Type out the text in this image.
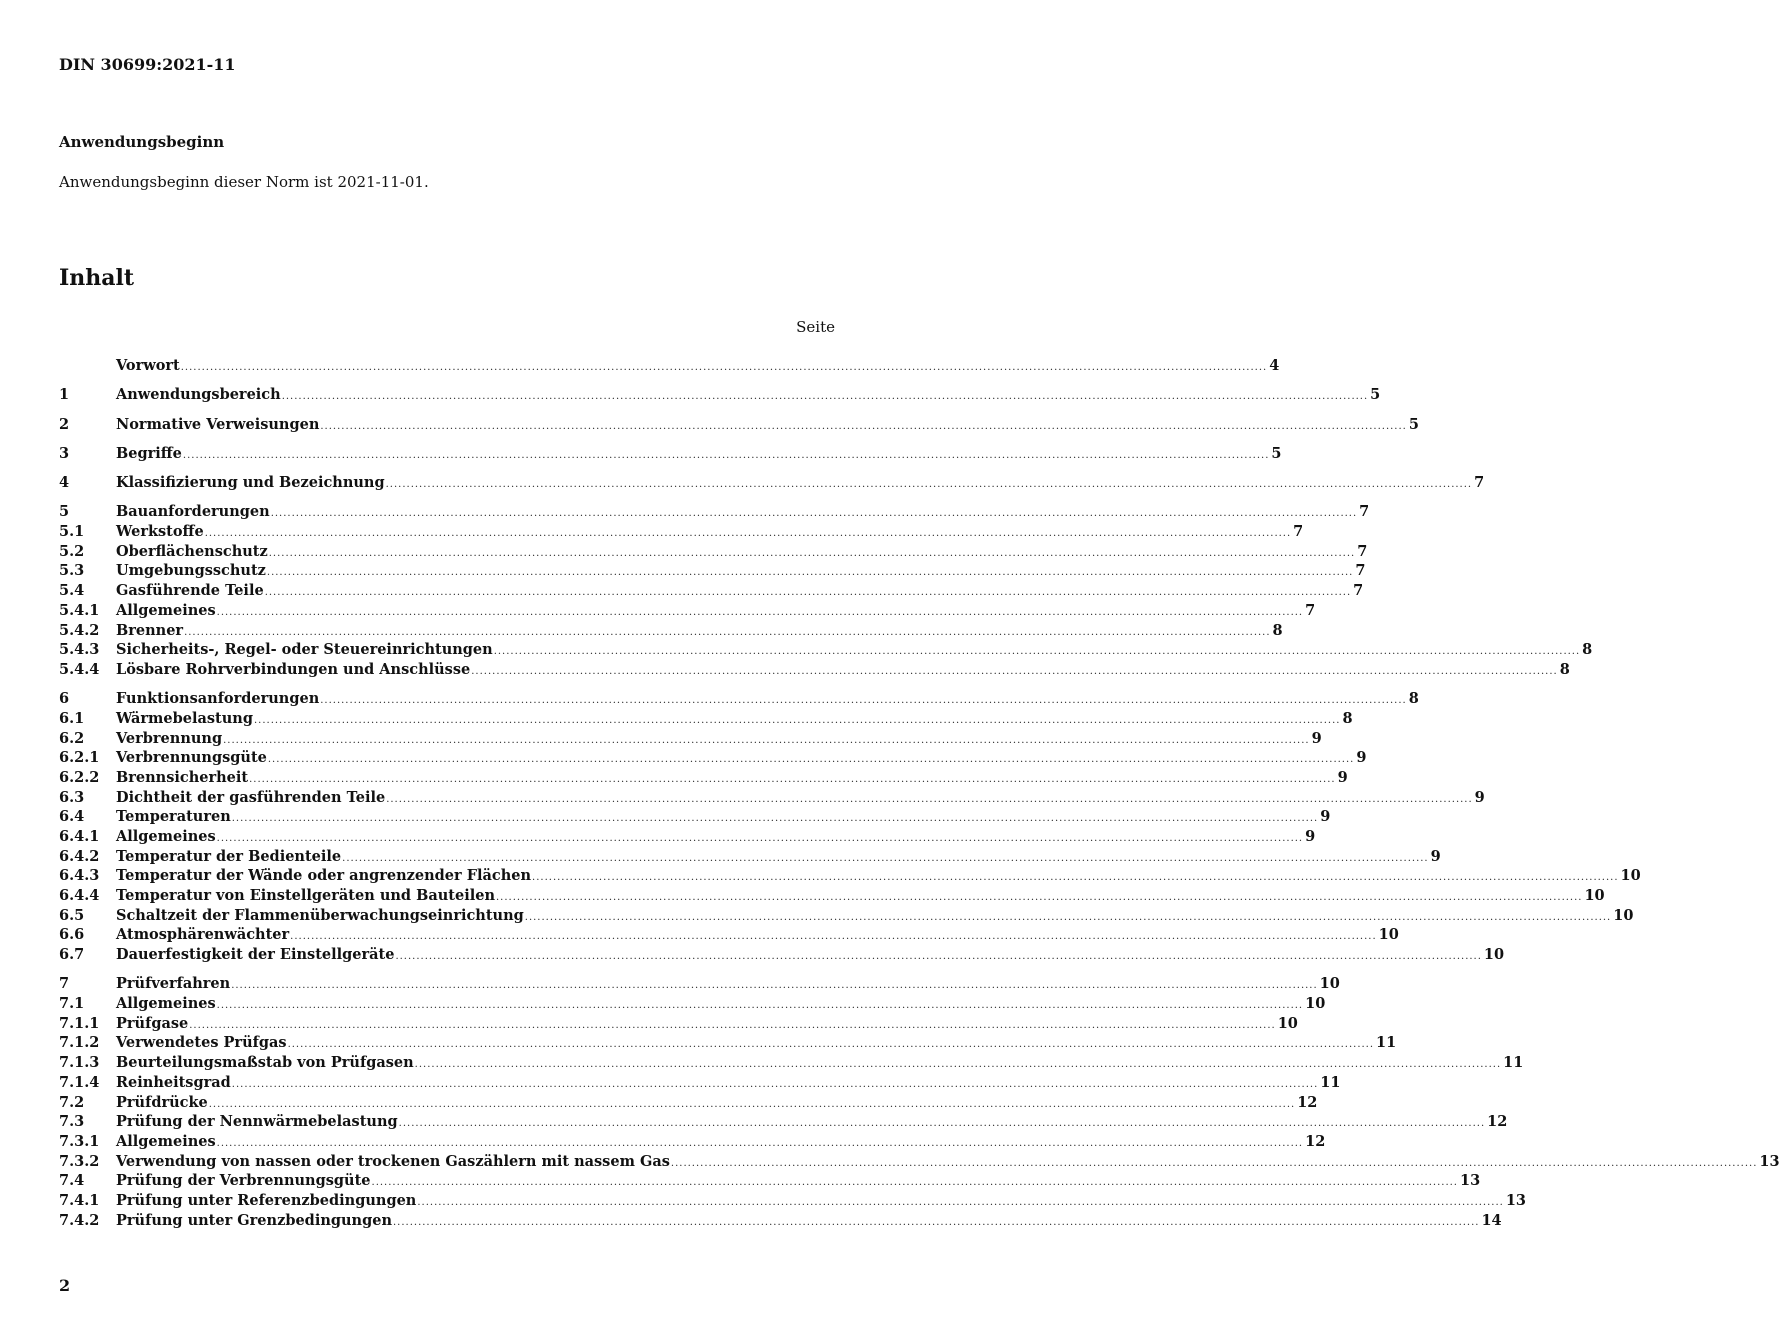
DIN 30699:2021-11
Anwendungsbeginn
Anwendungsbeginn dieser Norm ist 2021-11-01.
Inhalt
Seite
Vorwort .................................................................................................................................................................................................................................................................... 4
1	Anwendungsbereich .................................................................................................................................................................................................................................................................... 5
2	Normative Verweisungen .................................................................................................................................................................................................................................................................... 5
3	Begriffe .................................................................................................................................................................................................................................................................... 5
4	Klassifizierung und Bezeichnung .................................................................................................................................................................................................................................................................... 7
5	Bauanforderungen .................................................................................................................................................................................................................................................................... 7
5.1	Werkstoffe .................................................................................................................................................................................................................................................................... 7
5.2	Oberflächenschutz .................................................................................................................................................................................................................................................................... 7
5.3	Umgebungsschutz .................................................................................................................................................................................................................................................................... 7
5.4	Gasführende Teile .................................................................................................................................................................................................................................................................... 7
5.4.1	Allgemeines .................................................................................................................................................................................................................................................................... 7
5.4.2	Brenner .................................................................................................................................................................................................................................................................... 8
5.4.3	Sicherheits-, Regel- oder Steuereinrichtungen .................................................................................................................................................................................................................................................................... 8
5.4.4	Lösbare Rohrverbindungen und Anschlüsse .................................................................................................................................................................................................................................................................... 8
6	Funktionsanforderungen .................................................................................................................................................................................................................................................................... 8
6.1	Wärmebelastung .................................................................................................................................................................................................................................................................... 8
6.2	Verbrennung .................................................................................................................................................................................................................................................................... 9
6.2.1	Verbrennungsgüte .................................................................................................................................................................................................................................................................... 9
6.2.2	Brennsicherheit .................................................................................................................................................................................................................................................................... 9
6.3	Dichtheit der gasführenden Teile .................................................................................................................................................................................................................................................................... 9
6.4	Temperaturen .................................................................................................................................................................................................................................................................... 9
6.4.1	Allgemeines .................................................................................................................................................................................................................................................................... 9
6.4.2	Temperatur der Bedienteile .................................................................................................................................................................................................................................................................... 9
6.4.3	Temperatur der Wände oder angrenzender Flächen .................................................................................................................................................................................................................................................................... 10
6.4.4	Temperatur von Einstellgeräten und Bauteilen .................................................................................................................................................................................................................................................................... 10
6.5	Schaltzeit der Flammenüberwachungseinrichtung .................................................................................................................................................................................................................................................................... 10
6.6	Atmosphärenwächter .................................................................................................................................................................................................................................................................... 10
6.7	Dauerfestigkeit der Einstellgeräte .................................................................................................................................................................................................................................................................... 10
7	Prüfverfahren .................................................................................................................................................................................................................................................................... 10
7.1	Allgemeines .................................................................................................................................................................................................................................................................... 10
7.1.1	Prüfgase .................................................................................................................................................................................................................................................................... 10
7.1.2	Verwendetes Prüfgas .................................................................................................................................................................................................................................................................... 11
7.1.3	Beurteilungsmaßstab von Prüfgasen .................................................................................................................................................................................................................................................................... 11
7.1.4	Reinheitsgrad .................................................................................................................................................................................................................................................................... 11
7.2	Prüfdrücke .................................................................................................................................................................................................................................................................... 12
7.3	Prüfung der Nennwärmebelastung .................................................................................................................................................................................................................................................................... 12
7.3.1	Allgemeines .................................................................................................................................................................................................................................................................... 12
7.3.2	Verwendung von nassen oder trockenen Gaszählern mit nassem Gas .................................................................................................................................................................................................................................................................... 13
7.4	Prüfung der Verbrennungsgüte .................................................................................................................................................................................................................................................................... 13
7.4.1	Prüfung unter Referenzbedingungen .................................................................................................................................................................................................................................................................... 13
7.4.2	Prüfung unter Grenzbedingungen .................................................................................................................................................................................................................................................................... 14
2
